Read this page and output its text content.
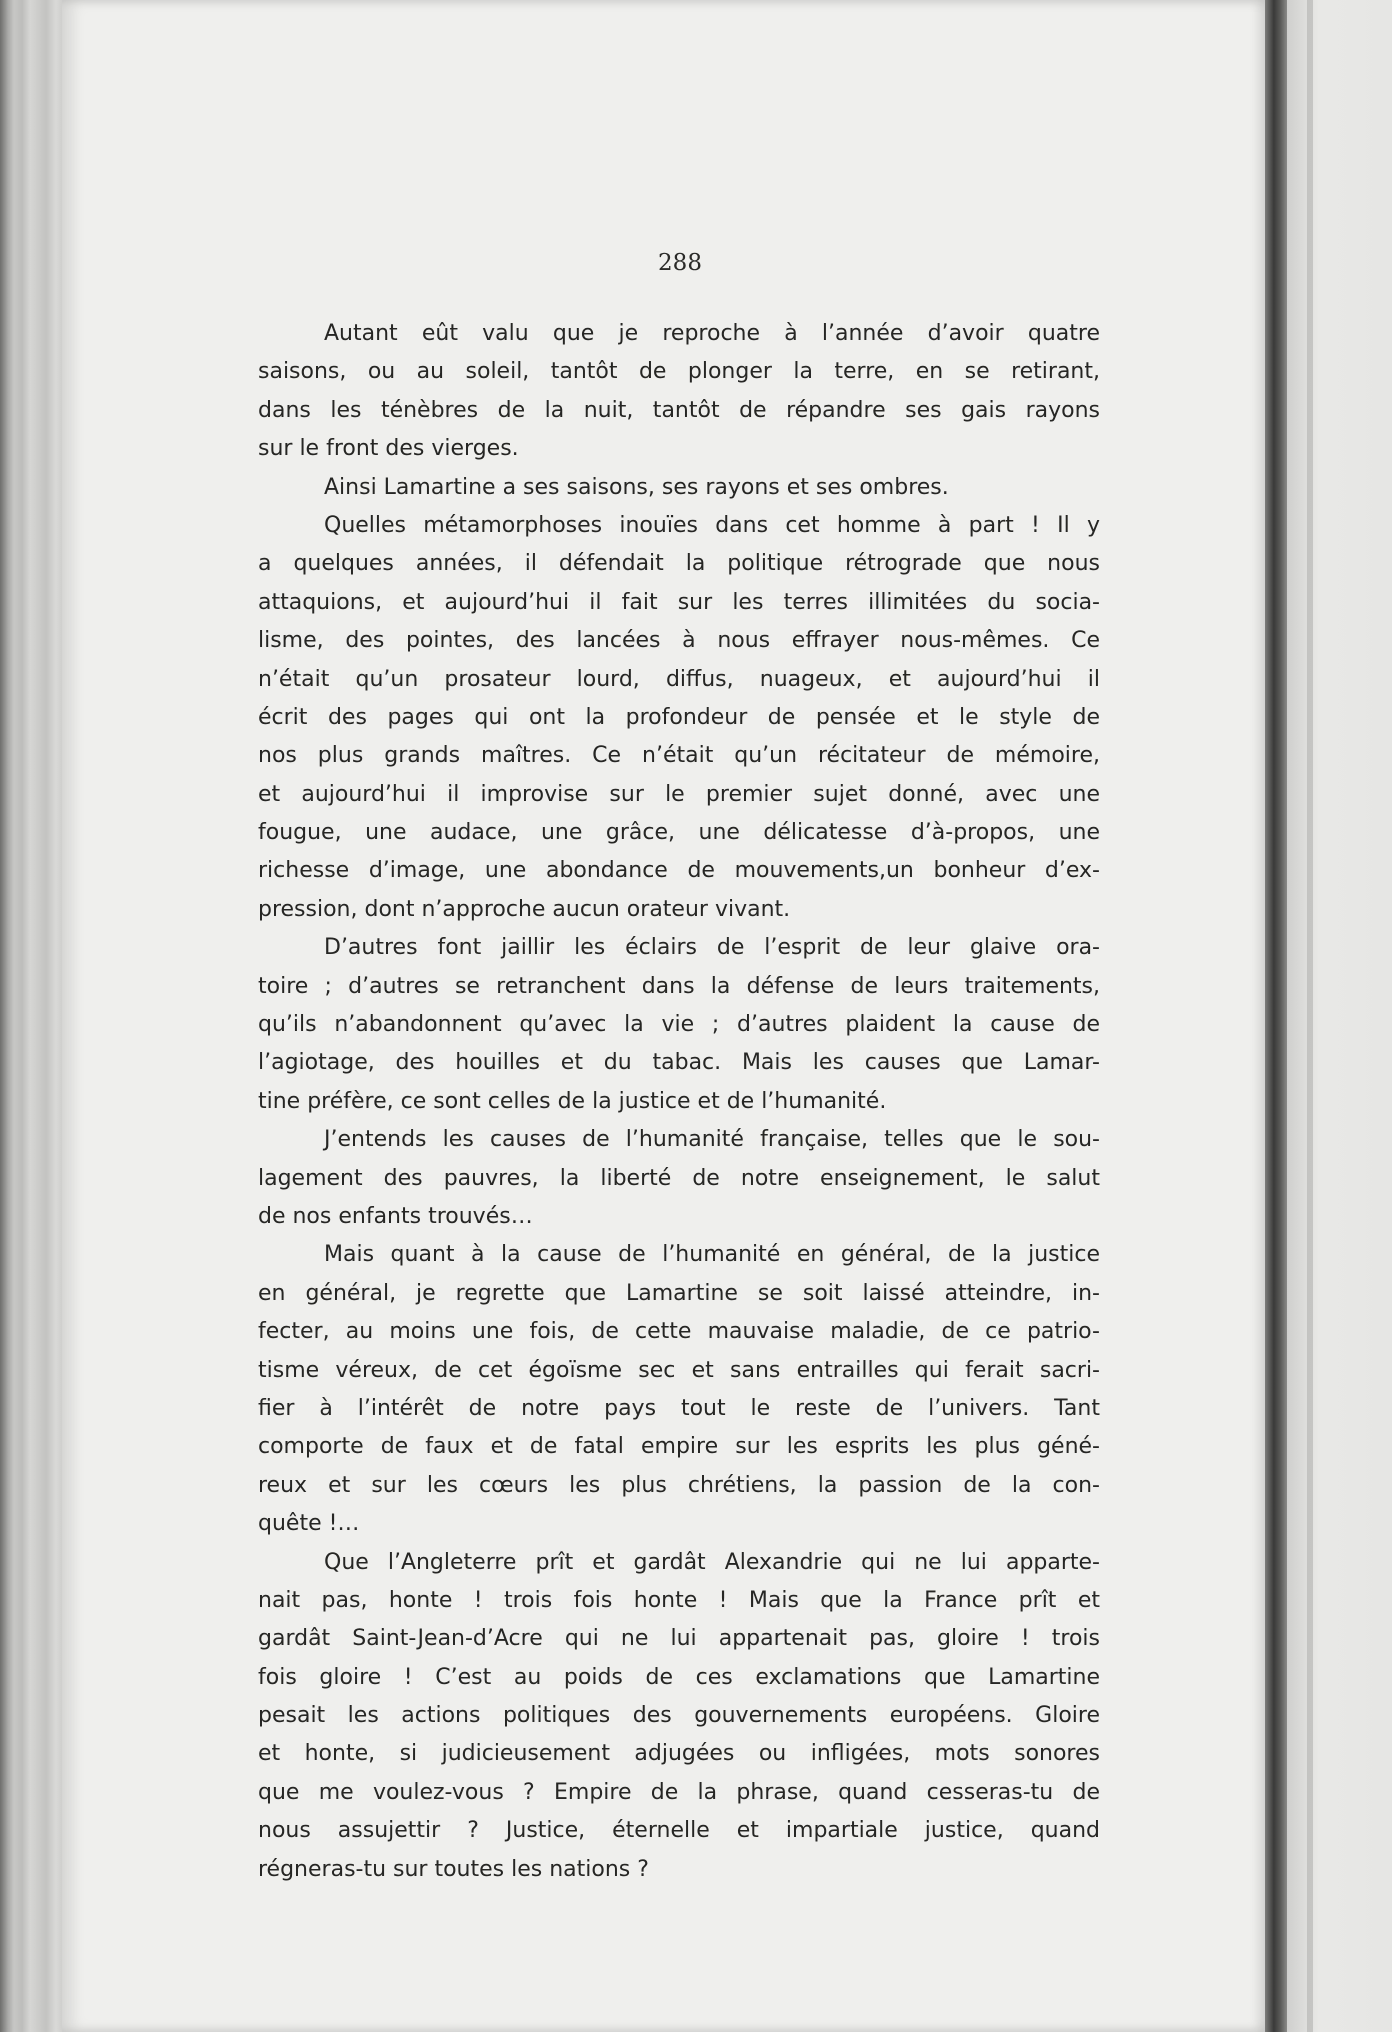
288
Autant eût valu que je reproche à l’année d’avoir quatre
saisons, ou au soleil, tantôt de plonger la terre, en se retirant,
dans les ténèbres de la nuit, tantôt de répandre ses gais rayons
sur le front des vierges.
Ainsi Lamartine a ses saisons, ses rayons et ses ombres.
Quelles métamorphoses inouïes dans cet homme à part ! Il y
a quelques années, il défendait la politique rétrograde que nous
attaquions, et aujourd’hui il fait sur les terres illimitées du socia-
lisme, des pointes, des lancées à nous effrayer nous-mêmes. Ce
n’était qu’un prosateur lourd, diffus, nuageux, et aujourd’hui il
écrit des pages qui ont la profondeur de pensée et le style de
nos plus grands maîtres. Ce n’était qu’un récitateur de mémoire,
et aujourd’hui il improvise sur le premier sujet donné, avec une
fougue, une audace, une grâce, une délicatesse d’à-propos, une
richesse d’image, une abondance de mouvements,un bonheur d’ex-
pression, dont n’approche aucun orateur vivant.
D’autres font jaillir les éclairs de l’esprit de leur glaive ora-
toire ; d’autres se retranchent dans la défense de leurs traitements,
qu’ils n’abandonnent qu’avec la vie ; d’autres plaident la cause de
l’agiotage, des houilles et du tabac. Mais les causes que Lamar-
tine préfère, ce sont celles de la justice et de l’humanité.
J’entends les causes de l’humanité française, telles que le sou-
lagement des pauvres, la liberté de notre enseignement, le salut
de nos enfants trouvés…
Mais quant à la cause de l’humanité en général, de la justice
en général, je regrette que Lamartine se soit laissé atteindre, in-
fecter, au moins une fois, de cette mauvaise maladie, de ce patrio-
tisme véreux, de cet égoïsme sec et sans entrailles qui ferait sacri-
fier à l’intérêt de notre pays tout le reste de l’univers. Tant
comporte de faux et de fatal empire sur les esprits les plus géné-
reux et sur les cœurs les plus chrétiens, la passion de la con-
quête !…
Que l’Angleterre prît et gardât Alexandrie qui ne lui apparte-
nait pas, honte ! trois fois honte ! Mais que la France prît et
gardât Saint-Jean-d’Acre qui ne lui appartenait pas, gloire ! trois
fois gloire ! C’est au poids de ces exclamations que Lamartine
pesait les actions politiques des gouvernements européens. Gloire
et honte, si judicieusement adjugées ou infligées, mots sonores
que me voulez-vous ? Empire de la phrase, quand cesseras-tu de
nous assujettir ? Justice, éternelle et impartiale justice, quand
régneras-tu sur toutes les nations ?
